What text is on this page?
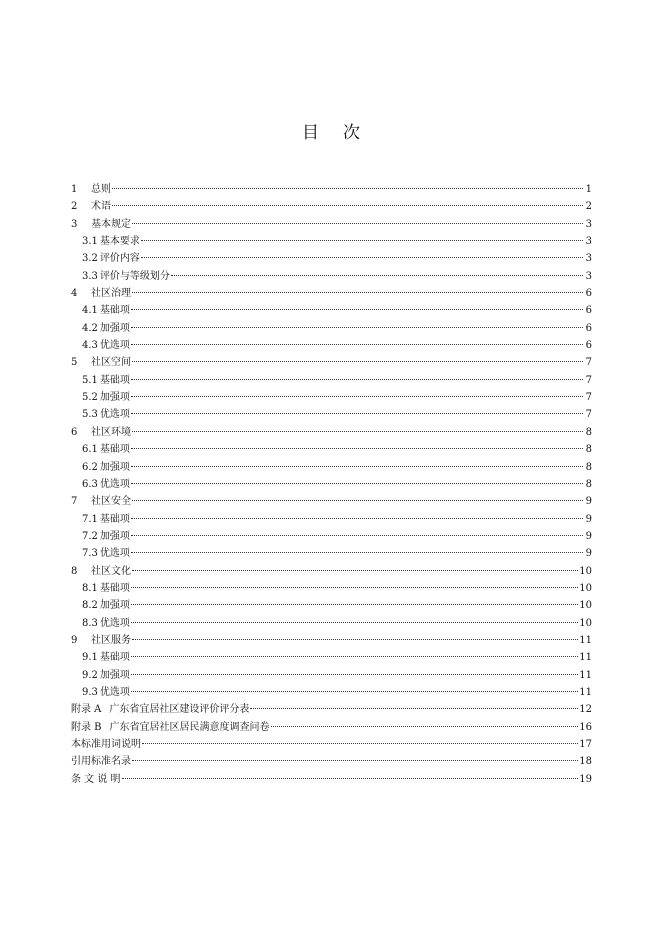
目 次
1	总则	1
2	术语	2
3	基本规定	3
3.1 基本要求	3
3.2 评价内容	3
3.3 评价与等级划分	3
4	社区治理	6
4.1 基础项	6
4.2 加强项	6
4.3 优选项	6
5	社区空间	7
5.1 基础项	7
5.2 加强项	7
5.3 优选项	7
6	社区环境	8
6.1 基础项	8
6.2 加强项	8
6.3 优选项	8
7	社区安全	9
7.1 基础项	9
7.2 加强项	9
7.3 优选项	9
8	社区文化	10
8.1 基础项	10
8.2 加强项	10
8.3 优选项	10
9	社区服务	11
9.1 基础项	11
9.2 加强项	11
9.3 优选项	11
附录 A 广东省宜居社区建设评价评分表	12
附录 B 广东省宜居社区居民满意度调查问卷	16
本标准用词说明	17
引用标准名录	18
条 文 说 明	19
